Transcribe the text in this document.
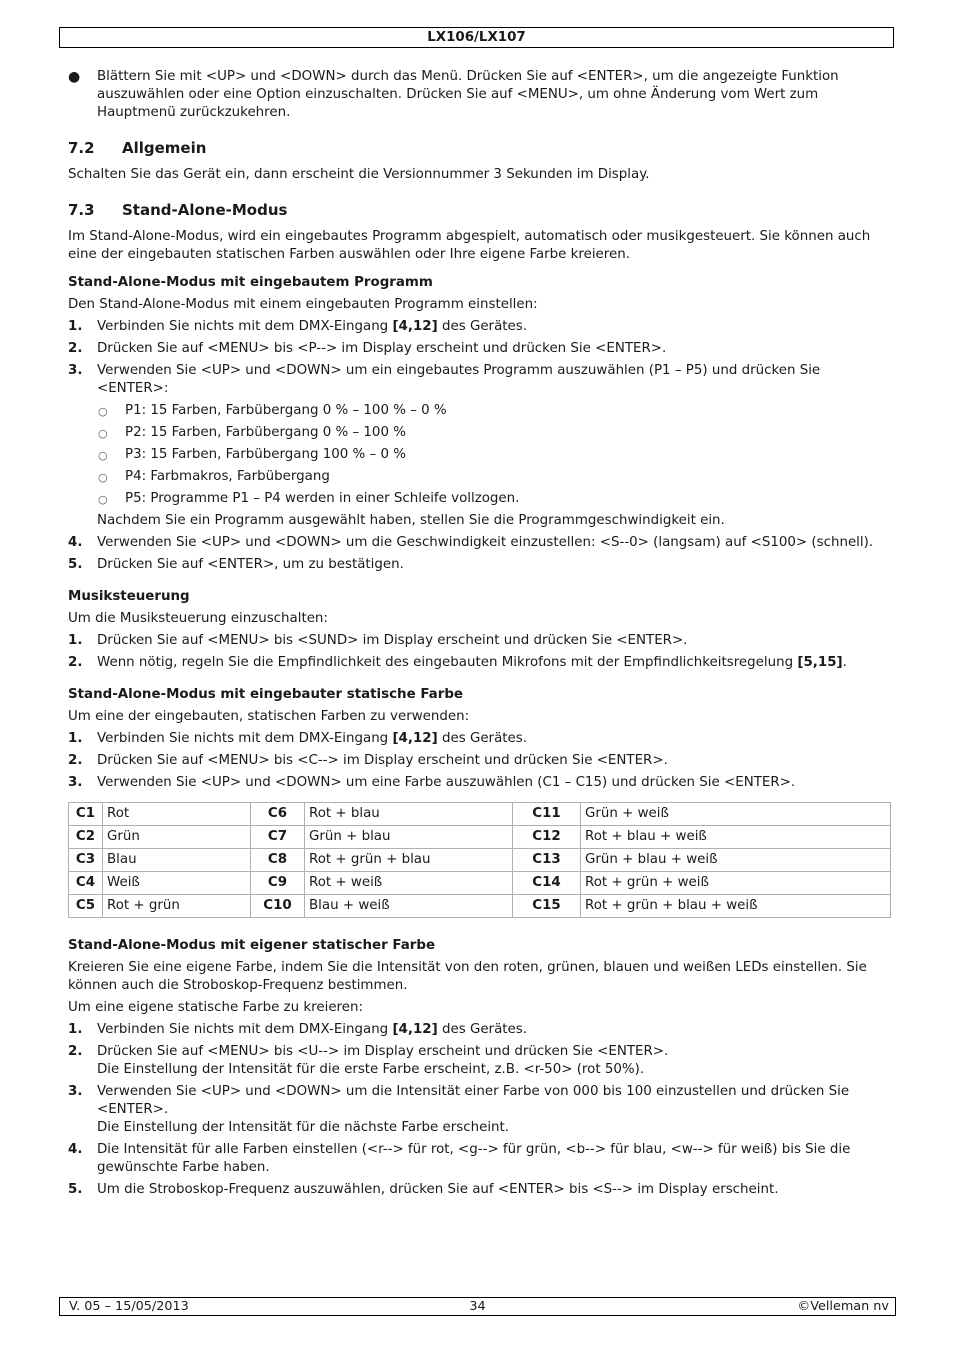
LX106/LX107
● Blättern Sie mit <UP> und <DOWN> durch das Menü. Drücken Sie auf <ENTER>, um die angezeigte Funktion auszuwählen oder eine Option einzuschalten. Drücken Sie auf <MENU>, um ohne Änderung vom Wert zum Hauptmenü zurückzukehren.
7.2 Allgemein

Schalten Sie das Gerät ein, dann erscheint die Versionnummer 3 Sekunden im Display.

7.3 Stand-Alone-Modus

Im Stand-Alone-Modus, wird ein eingebautes Programm abgespielt, automatisch oder musikgesteuert. Sie können auch eine der eingebauten statischen Farben auswählen oder Ihre eigene Farbe kreieren.

Stand-Alone-Modus mit eingebautem Programm

Den Stand-Alone-Modus mit einem eingebauten Programm einstellen:

1. Verbinden Sie nichts mit dem DMX-Eingang [4,12] des Gerätes.
2. Drücken Sie auf <MENU> bis <P--> im Display erscheint und drücken Sie <ENTER>.
3. Verwenden Sie <UP> und <DOWN> um ein eingebautes Programm auszuwählen (P1 – P5) und drücken Sie <ENTER>:
○ P1: 15 Farben, Farbübergang 0 % – 100 % – 0 %
○ P2: 15 Farben, Farbübergang 0 % – 100 %
○ P3: 15 Farben, Farbübergang 100 % – 0 %
○ P4: Farbmakros, Farbübergang
○ P5: Programme P1 – P4 werden in einer Schleife vollzogen.
Nachdem Sie ein Programm ausgewählt haben, stellen Sie die Programmgeschwindigkeit ein.
4. Verwenden Sie <UP> und <DOWN> um die Geschwindigkeit einzustellen: <S--0> (langsam) auf <S100> (schnell).
5. Drücken Sie auf <ENTER>, um zu bestätigen.
Musiksteuerung

Um die Musiksteuerung einzuschalten:

1. Drücken Sie auf <MENU> bis <SUND> im Display erscheint und drücken Sie <ENTER>.
2. Wenn nötig, regeln Sie die Empfindlichkeit des eingebauten Mikrofons mit der Empfindlichkeitsregelung [5,15].
Stand-Alone-Modus mit eingebauter statische Farbe

Um eine der eingebauten, statischen Farben zu verwenden:

1. Verbinden Sie nichts mit dem DMX-Eingang [4,12] des Gerätes.
2. Drücken Sie auf <MENU> bis <C--> im Display erscheint und drücken Sie <ENTER>.
3. Verwenden Sie <UP> und <DOWN> um eine Farbe auszuwählen (C1 – C15) und drücken Sie <ENTER>.
C1	Rot	C6	Rot + blau	C11	Grün + weiß
C2	Grün	C7	Grün + blau	C12	Rot + blau + weiß
C3	Blau	C8	Rot + grün + blau	C13	Grün + blau + weiß
C4	Weiß	C9	Rot + weiß	C14	Rot + grün + weiß
C5	Rot + grün	C10	Blau + weiß	C15	Rot + grün + blau + weiß
Stand-Alone-Modus mit eigener statischer Farbe

Kreieren Sie eine eigene Farbe, indem Sie die Intensität von den roten, grünen, blauen und weißen LEDs einstellen. Sie können auch die Stroboskop-Frequenz bestimmen.

Um eine eigene statische Farbe zu kreieren:

1. Verbinden Sie nichts mit dem DMX-Eingang [4,12] des Gerätes.
2. Drücken Sie auf <MENU> bis <U--> im Display erscheint und drücken Sie <ENTER>.
Die Einstellung der Intensität für die erste Farbe erscheint, z.B. <r-50> (rot 50%).
3. Verwenden Sie <UP> und <DOWN> um die Intensität einer Farbe von 000 bis 100 einzustellen und drücken Sie <ENTER>.
Die Einstellung der Intensität für die nächste Farbe erscheint.
4. Die Intensität für alle Farben einstellen (<r--> für rot, <g--> für grün, <b--> für blau, <w--> für weiß) bis Sie die gewünschte Farbe haben.
5. Um die Stroboskop-Frequenz auszuwählen, drücken Sie auf <ENTER> bis <S--> im Display erscheint.
V. 05 – 15/05/2013	34	©Velleman nv
